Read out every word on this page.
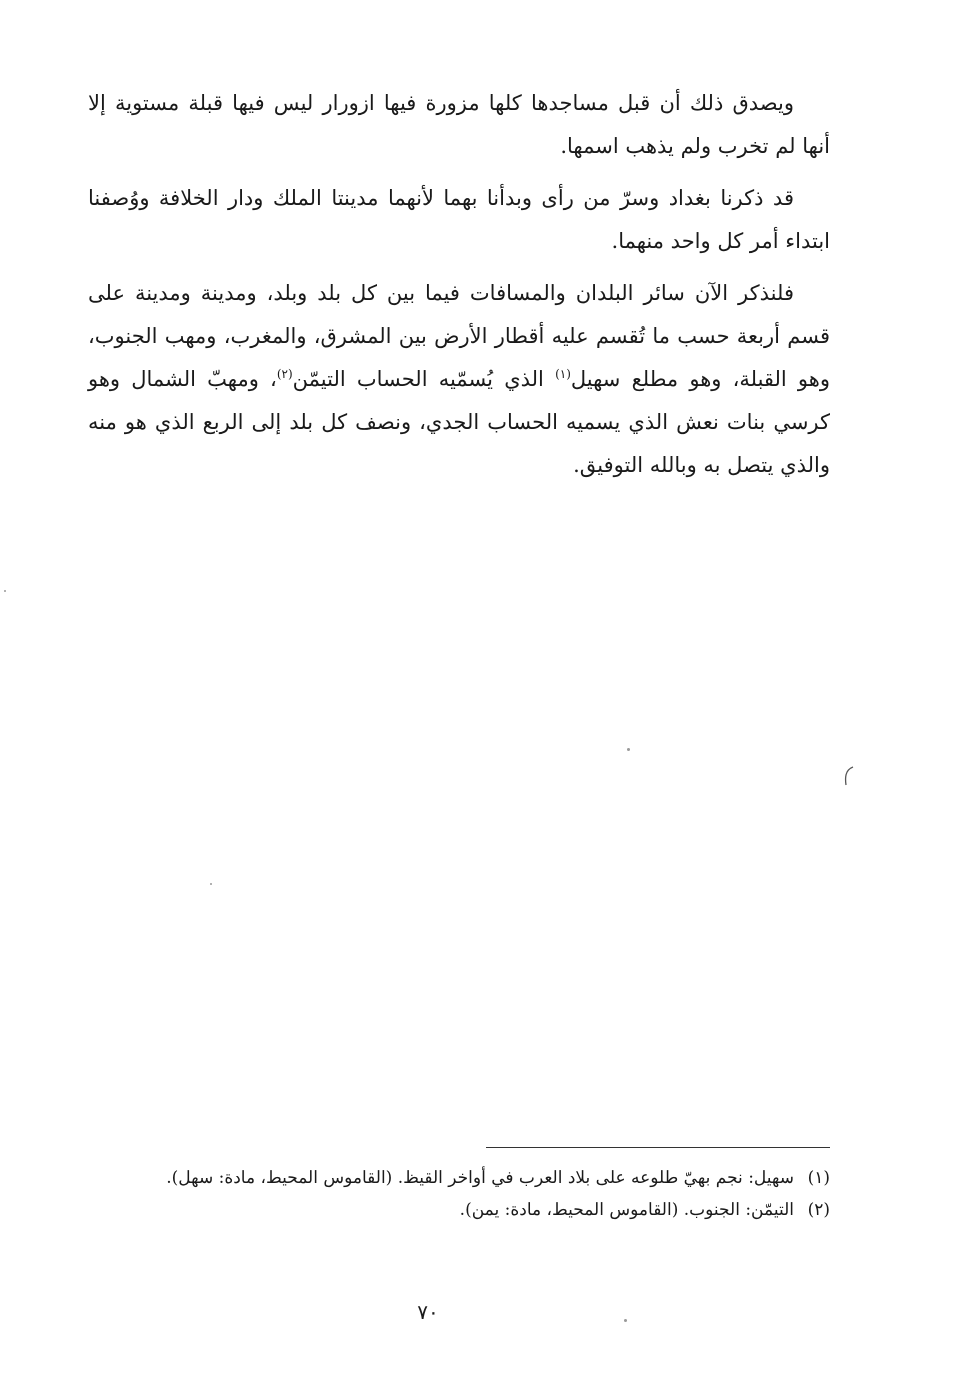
ويصدق ذلك أن قبل مساجدها كلها مزورة فيها ازورار ليس فيها قبلة مستوية إلا أنها لم تخرب ولم يذهب اسمها.

قد ذكرنا بغداد وسرّ من رأى وبدأنا بهما لأنهما مدينتا الملك ودار الخلافة ووُصفنا ابتداء أمر كل واحد منهما.

فلنذكر الآن سائر البلدان والمسافات فيما بين كل بلد وبلد، ومدينة ومدينة على قسم أربعة حسب ما تُقسم عليه أقطار الأرض بين المشرق، والمغرب، ومهب الجنوب، وهو القبلة، وهو مطلع سهيل$^{(١)}$ الذي يُسمّيه الحساب التيمّن$^{(٢)}$، ومهبّ الشمال وهو كرسي بنات نعش الذي يسميه الحساب الجدي، ونصف كل بلد إلى الربع الذي هو منه والذي يتصل به وبالله التوفيق.

(١)
سهيل: نجم بهيّ طلوعه على بلاد العرب في أواخر القيظ. (القاموس المحيط، مادة: سهل).
(٢)
التيمّن: الجنوب. (القاموس المحيط، مادة: يمن).
٧٠
